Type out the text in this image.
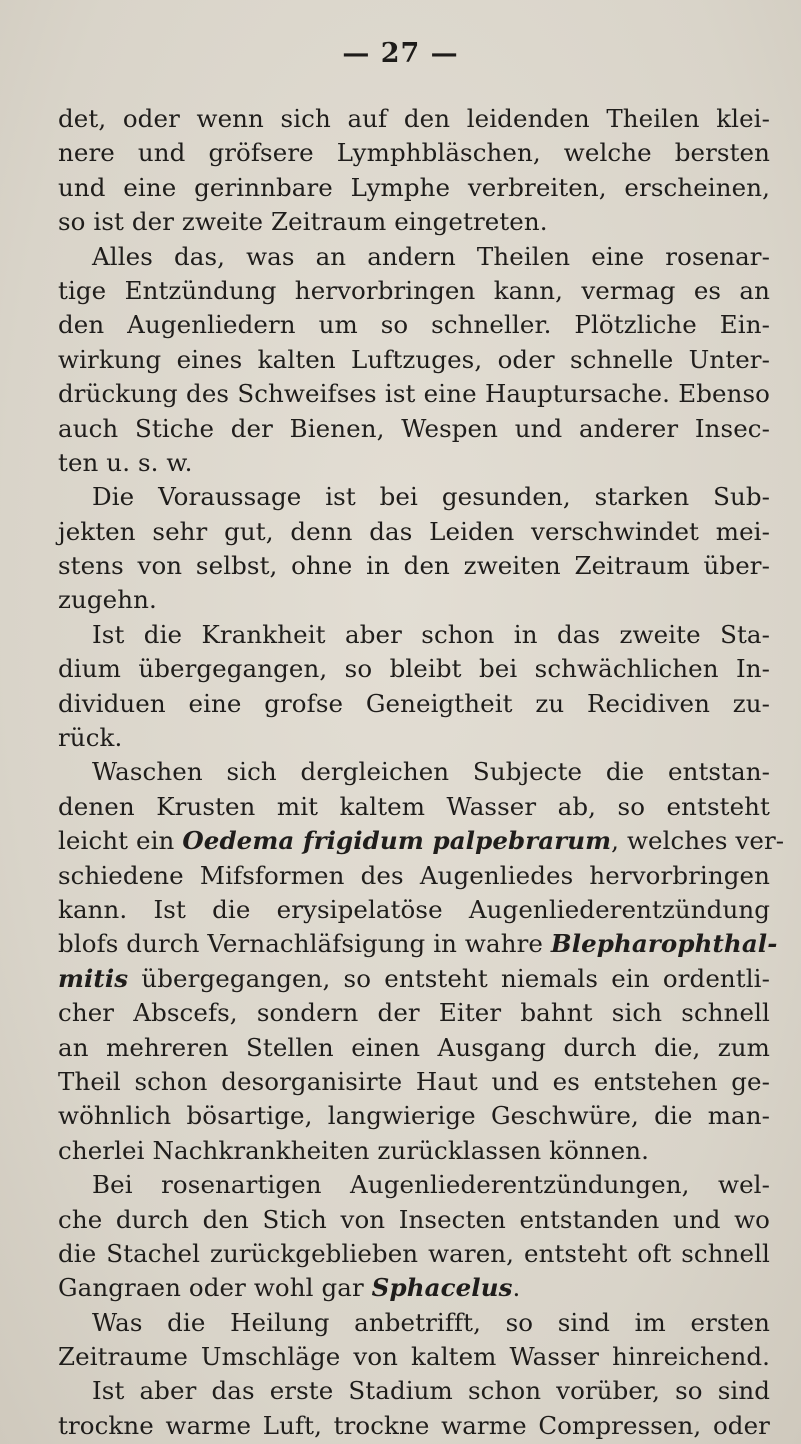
— 27 —
det, oder wenn sich auf den leidenden Theilen klei-
nere und gröfsere Lymphbläschen, welche bersten
und eine gerinnbare Lymphe verbreiten, erscheinen,
so ist der zweite Zeitraum eingetreten.
Alles das, was an andern Theilen eine rosenar-
tige Entzündung hervorbringen kann, vermag es an
den Augenliedern um so schneller. Plötzliche Ein-
wirkung eines kalten Luftzuges, oder schnelle Unter-
drückung des Schweifses ist eine Hauptursache. Ebenso
auch Stiche der Bienen, Wespen und anderer Insec-
ten u. s. w.
Die Voraussage ist bei gesunden, starken Sub-
jekten sehr gut, denn das Leiden verschwindet mei-
stens von selbst, ohne in den zweiten Zeitraum über-
zugehn.
Ist die Krankheit aber schon in das zweite Sta-
dium übergegangen, so bleibt bei schwächlichen In-
dividuen eine grofse Geneigtheit zu Recidiven zu-
rück.
Waschen sich dergleichen Subjecte die entstan-
denen Krusten mit kaltem Wasser ab, so entsteht
leicht ein Oedema frigidum palpebrarum, welches ver-
schiedene Mifsformen des Augenliedes hervorbringen
kann. Ist die erysipelatöse Augenliederentzündung
blofs durch Vernachläfsigung in wahre Blepharophthal-
mitis übergegangen, so entsteht niemals ein ordentli-
cher Abscefs, sondern der Eiter bahnt sich schnell
an mehreren Stellen einen Ausgang durch die, zum
Theil schon desorganisirte Haut und es entstehen ge-
wöhnlich bösartige, langwierige Geschwüre, die man-
cherlei Nachkrankheiten zurücklassen können.
Bei rosenartigen Augenliederentzündungen, wel-
che durch den Stich von Insecten entstanden und wo
die Stachel zurückgeblieben waren, entsteht oft schnell
Gangraen oder wohl gar Sphacelus.
Was die Heilung anbetrifft, so sind im ersten
Zeitraume Umschläge von kaltem Wasser hinreichend.
Ist aber das erste Stadium schon vorüber, so sind
trockne warme Luft, trockne warme Compressen, oder
